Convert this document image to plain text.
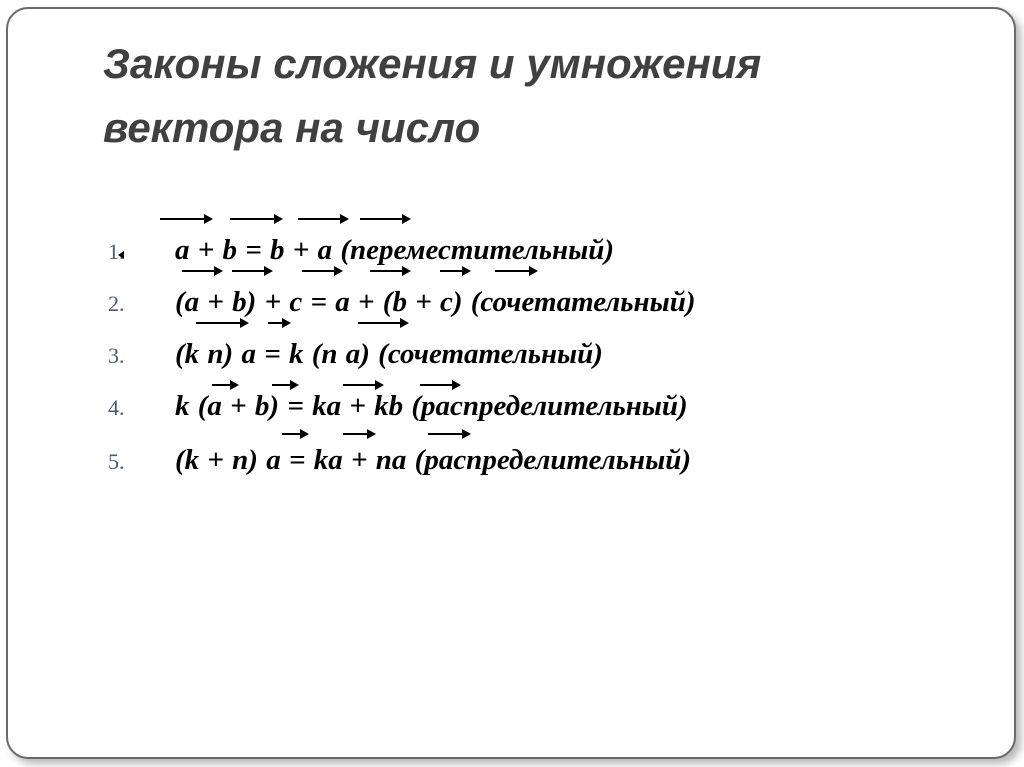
Законы сложения и умножения
вектора на число
1. a + b = b + a (переместительный)
2. (a + b) + c = a + (b + c) (сочетательный)
3. (k n) a = k (n a) (сочетательный)
4. k (a + b) = ka + kb (распределительный)
5. (k + n) a = ka + na (распределительный)
